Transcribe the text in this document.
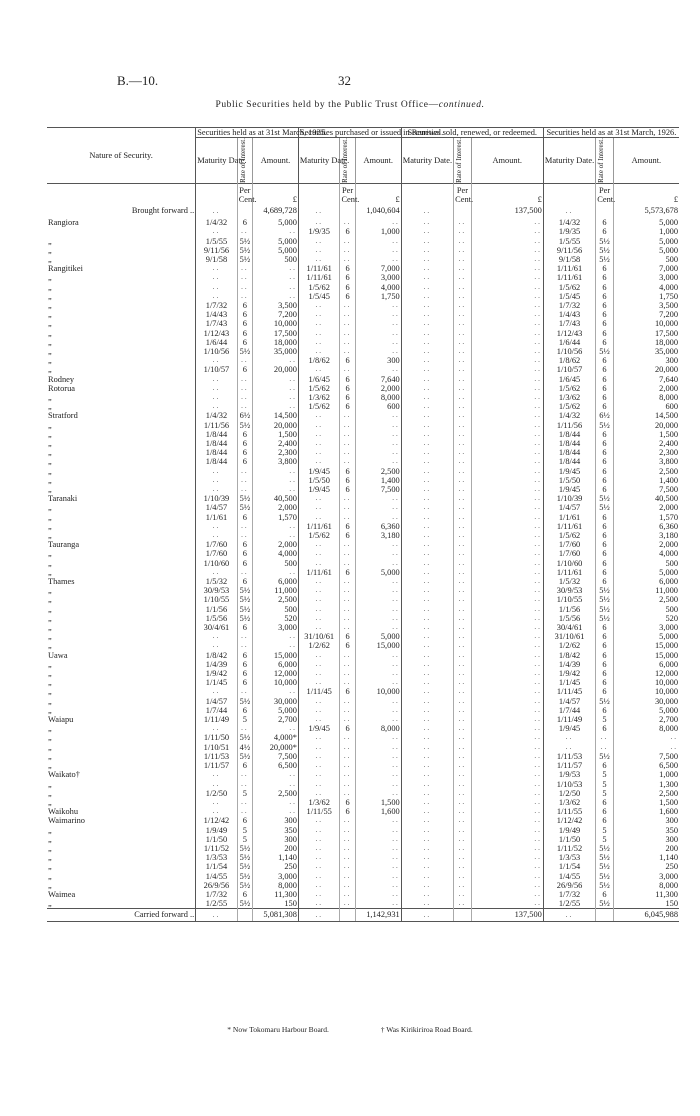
B.—10.	32
Public Securities held by the Public Trust Office—continued.
Nature of Security.	Securities held as at 31st March, 1925.			Securities purchased or issued in Renewal.			Securities sold, renewed, or redeemed.			Securities held as at 31st March, 1926.		
	Maturity Date.	Rate of Interest.	Amount.	Maturity Date.	Rate of Interest.	Amount.	Maturity Date.	Rate of Interest.	Amount.	Maturity Date.	Rate of Interest.	Amount.
		Per Cent.	£		Per Cent.	£		Per Cent.	£		Per Cent.	£
Brought forward ..	..		4,689,728	..		1,040,604	..		137,500	..		5,573,678
Rangiora	1/4/32	6	5,000	..	..	..	..	..	..	1/4/32	6	5,000
	..	..	..	1/9/35	6	1,000	..	..	..	1/9/35	6	1,000
„	1/5/55	5½	5,000	..	..	..	..	..	..	1/5/55	5½	5,000
„	9/11/56	5½	5,000	..	..	..	..	..	..	9/11/56	5½	5,000
„	9/1/58	5½	500	..	..	..	..	..	..	9/1/58	5½	500
Rangitikei	..	..	..	1/11/61	6	7,000	..	..	..	1/11/61	6	7,000
„	..	..	..	1/11/61	6	3,000	..	..	..	1/11/61	6	3,000
„	..	..	..	1/5/62	6	4,000	..	..	..	1/5/62	6	4,000
„	..	..	..	1/5/45	6	1,750	..	..	..	1/5/45	6	1,750
„	1/7/32	6	3,500	..	..	..	..	..	..	1/7/32	6	3,500
„	1/4/43	6	7,200	..	..	..	..	..	..	1/4/43	6	7,200
„	1/7/43	6	10,000	..	..	..	..	..	..	1/7/43	6	10,000
„	1/12/43	6	17,500	..	..	..	..	..	..	1/12/43	6	17,500
„	1/6/44	6	18,000	..	..	..	..	..	..	1/6/44	6	18,000
„	1/10/56	5½	35,000	..	..	..	..	..	..	1/10/56	5½	35,000
„	..	..	..	1/8/62	6	300	..	..	..	1/8/62	6	300
„	1/10/57	6	20,000	..	..	..	..	..	..	1/10/57	6	20,000
Rodney	..	..	..	1/6/45	6	7,640	..	..	..	1/6/45	6	7,640
Rotorua	..	..	..	1/5/62	6	2,000	..	..	..	1/5/62	6	2,000
„	..	..	..	1/3/62	6	8,000	..	..	..	1/3/62	6	8,000
„	..	..	..	1/5/62	6	600	..	..	..	1/5/62	6	600
Stratford	1/4/32	6½	14,500	..	..	..	..	..	..	1/4/32	6½	14,500
„	1/11/56	5½	20,000	..	..	..	..	..	..	1/11/56	5½	20,000
„	1/8/44	6	1,500	..	..	..	..	..	..	1/8/44	6	1,500
„	1/8/44	6	2,400	..	..	..	..	..	..	1/8/44	6	2,400
„	1/8/44	6	2,300	..	..	..	..	..	..	1/8/44	6	2,300
„	1/8/44	6	3,800	..	..	..	..	..	..	1/8/44	6	3,800
„	..	..	..	1/9/45	6	2,500	..	..	..	1/9/45	6	2,500
„	..	..	..	1/5/50	6	1,400	..	..	..	1/5/50	6	1,400
„	..	..	..	1/9/45	6	7,500	..	..	..	1/9/45	6	7,500
Taranaki	1/10/39	5½	40,500	..	..	..	..	..	..	1/10/39	5½	40,500
„	1/4/57	5½	2,000	..	..	..	..	..	..	1/4/57	5½	2,000
„	1/1/61	6	1,570	..	..	..	..	..	..	1/1/61	6	1,570
„	..	..	..	1/11/61	6	6,360	..	..	..	1/11/61	6	6,360
„	..	..	..	1/5/62	6	3,180	..	..	..	1/5/62	6	3,180
Tauranga	1/7/60	6	2,000	..	..	..	..	..	..	1/7/60	6	2,000
„	1/7/60	6	4,000	..	..	..	..	..	..	1/7/60	6	4,000
„	1/10/60	6	500	..	..	..	..	..	..	1/10/60	6	500
„	..	..	..	1/11/61	6	5,000	..	..	..	1/11/61	6	5,000
Thames	1/5/32	6	6,000	..	..	..	..	..	..	1/5/32	6	6,000
„	30/9/53	5½	11,000	..	..	..	..	..	..	30/9/53	5½	11,000
„	1/10/55	5½	2,500	..	..	..	..	..	..	1/10/55	5½	2,500
„	1/1/56	5½	500	..	..	..	..	..	..	1/1/56	5½	500
„	1/5/56	5½	520	..	..	..	..	..	..	1/5/56	5½	520
„	30/4/61	6	3,000	..	..	..	..	..	..	30/4/61	6	3,000
„	..	..	..	31/10/61	6	5,000	..	..	..	31/10/61	6	5,000
„	..	..	..	1/2/62	6	15,000	..	..	..	1/2/62	6	15,000
Uawa	1/8/42	6	15,000	..	..	..	..	..	..	1/8/42	6	15,000
„	1/4/39	6	6,000	..	..	..	..	..	..	1/4/39	6	6,000
„	1/9/42	6	12,000	..	..	..	..	..	..	1/9/42	6	12,000
„	1/1/45	6	10,000	..	..	..	..	..	..	1/1/45	6	10,000
„	..	..	..	1/11/45	6	10,000	..	..	..	1/11/45	6	10,000
„	1/4/57	5½	30,000	..	..	..	..	..	..	1/4/57	5½	30,000
„	1/7/44	6	5,000	..	..	..	..	..	..	1/7/44	6	5,000
Waiapu	1/11/49	5	2,700	..	..	..	..	..	..	1/11/49	5	2,700
„	..	..	..	1/9/45	6	8,000	..	..	..	1/9/45	6	8,000
„	1/11/50	5½	4,000*	..	..	..	..	..	..	..	..	..
„	1/10/51	4½	20,000*	..	..	..	..	..	..	..	..	..
„	1/11/53	5½	7,500	..	..	..	..	..	..	1/11/53	5½	7,500
„	1/11/57	6	6,500	..	..	..	..	..	..	1/11/57	6	6,500
Waikato†	..	..	..	..	..	..	..	..	..	1/9/53	5	1,000
„	..	..	..	..	..	..	..	..	..	1/10/53	5	1,300
„	1/2/50	5	2,500	..	..	..	..	..	..	1/2/50	5	2,500
„	..	..	..	1/3/62	6	1,500	..	..	..	1/3/62	6	1,500
Waikohu	..	..	..	1/11/55	6	1,600	..	..	..	1/11/55	6	1,600
Waimarino	1/12/42	6	300	..	..	..	..	..	..	1/12/42	6	300
„	1/9/49	5	350	..	..	..	..	..	..	1/9/49	5	350
„	1/1/50	5	300	..	..	..	..	..	..	1/1/50	5	300
„	1/11/52	5½	200	..	..	..	..	..	..	1/11/52	5½	200
„	1/3/53	5½	1,140	..	..	..	..	..	..	1/3/53	5½	1,140
„	1/1/54	5½	250	..	..	..	..	..	..	1/1/54	5½	250
„	1/4/55	5½	3,000	..	..	..	..	..	..	1/4/55	5½	3,000
„	26/9/56	5½	8,000	..	..	..	..	..	..	26/9/56	5½	8,000
Waimea	1/7/32	6	11,300	..	..	..	..	..	..	1/7/32	6	11,300
„	1/2/55	5½	150	..	..	..	..	..	..	1/2/55	5½	150
Carried forward ..	..		5,081,308	..		1,142,931	..		137,500	..		6,045,988
* Now Tokomaru Harbour Board.	† Was Kirikiriroa Road Board.
